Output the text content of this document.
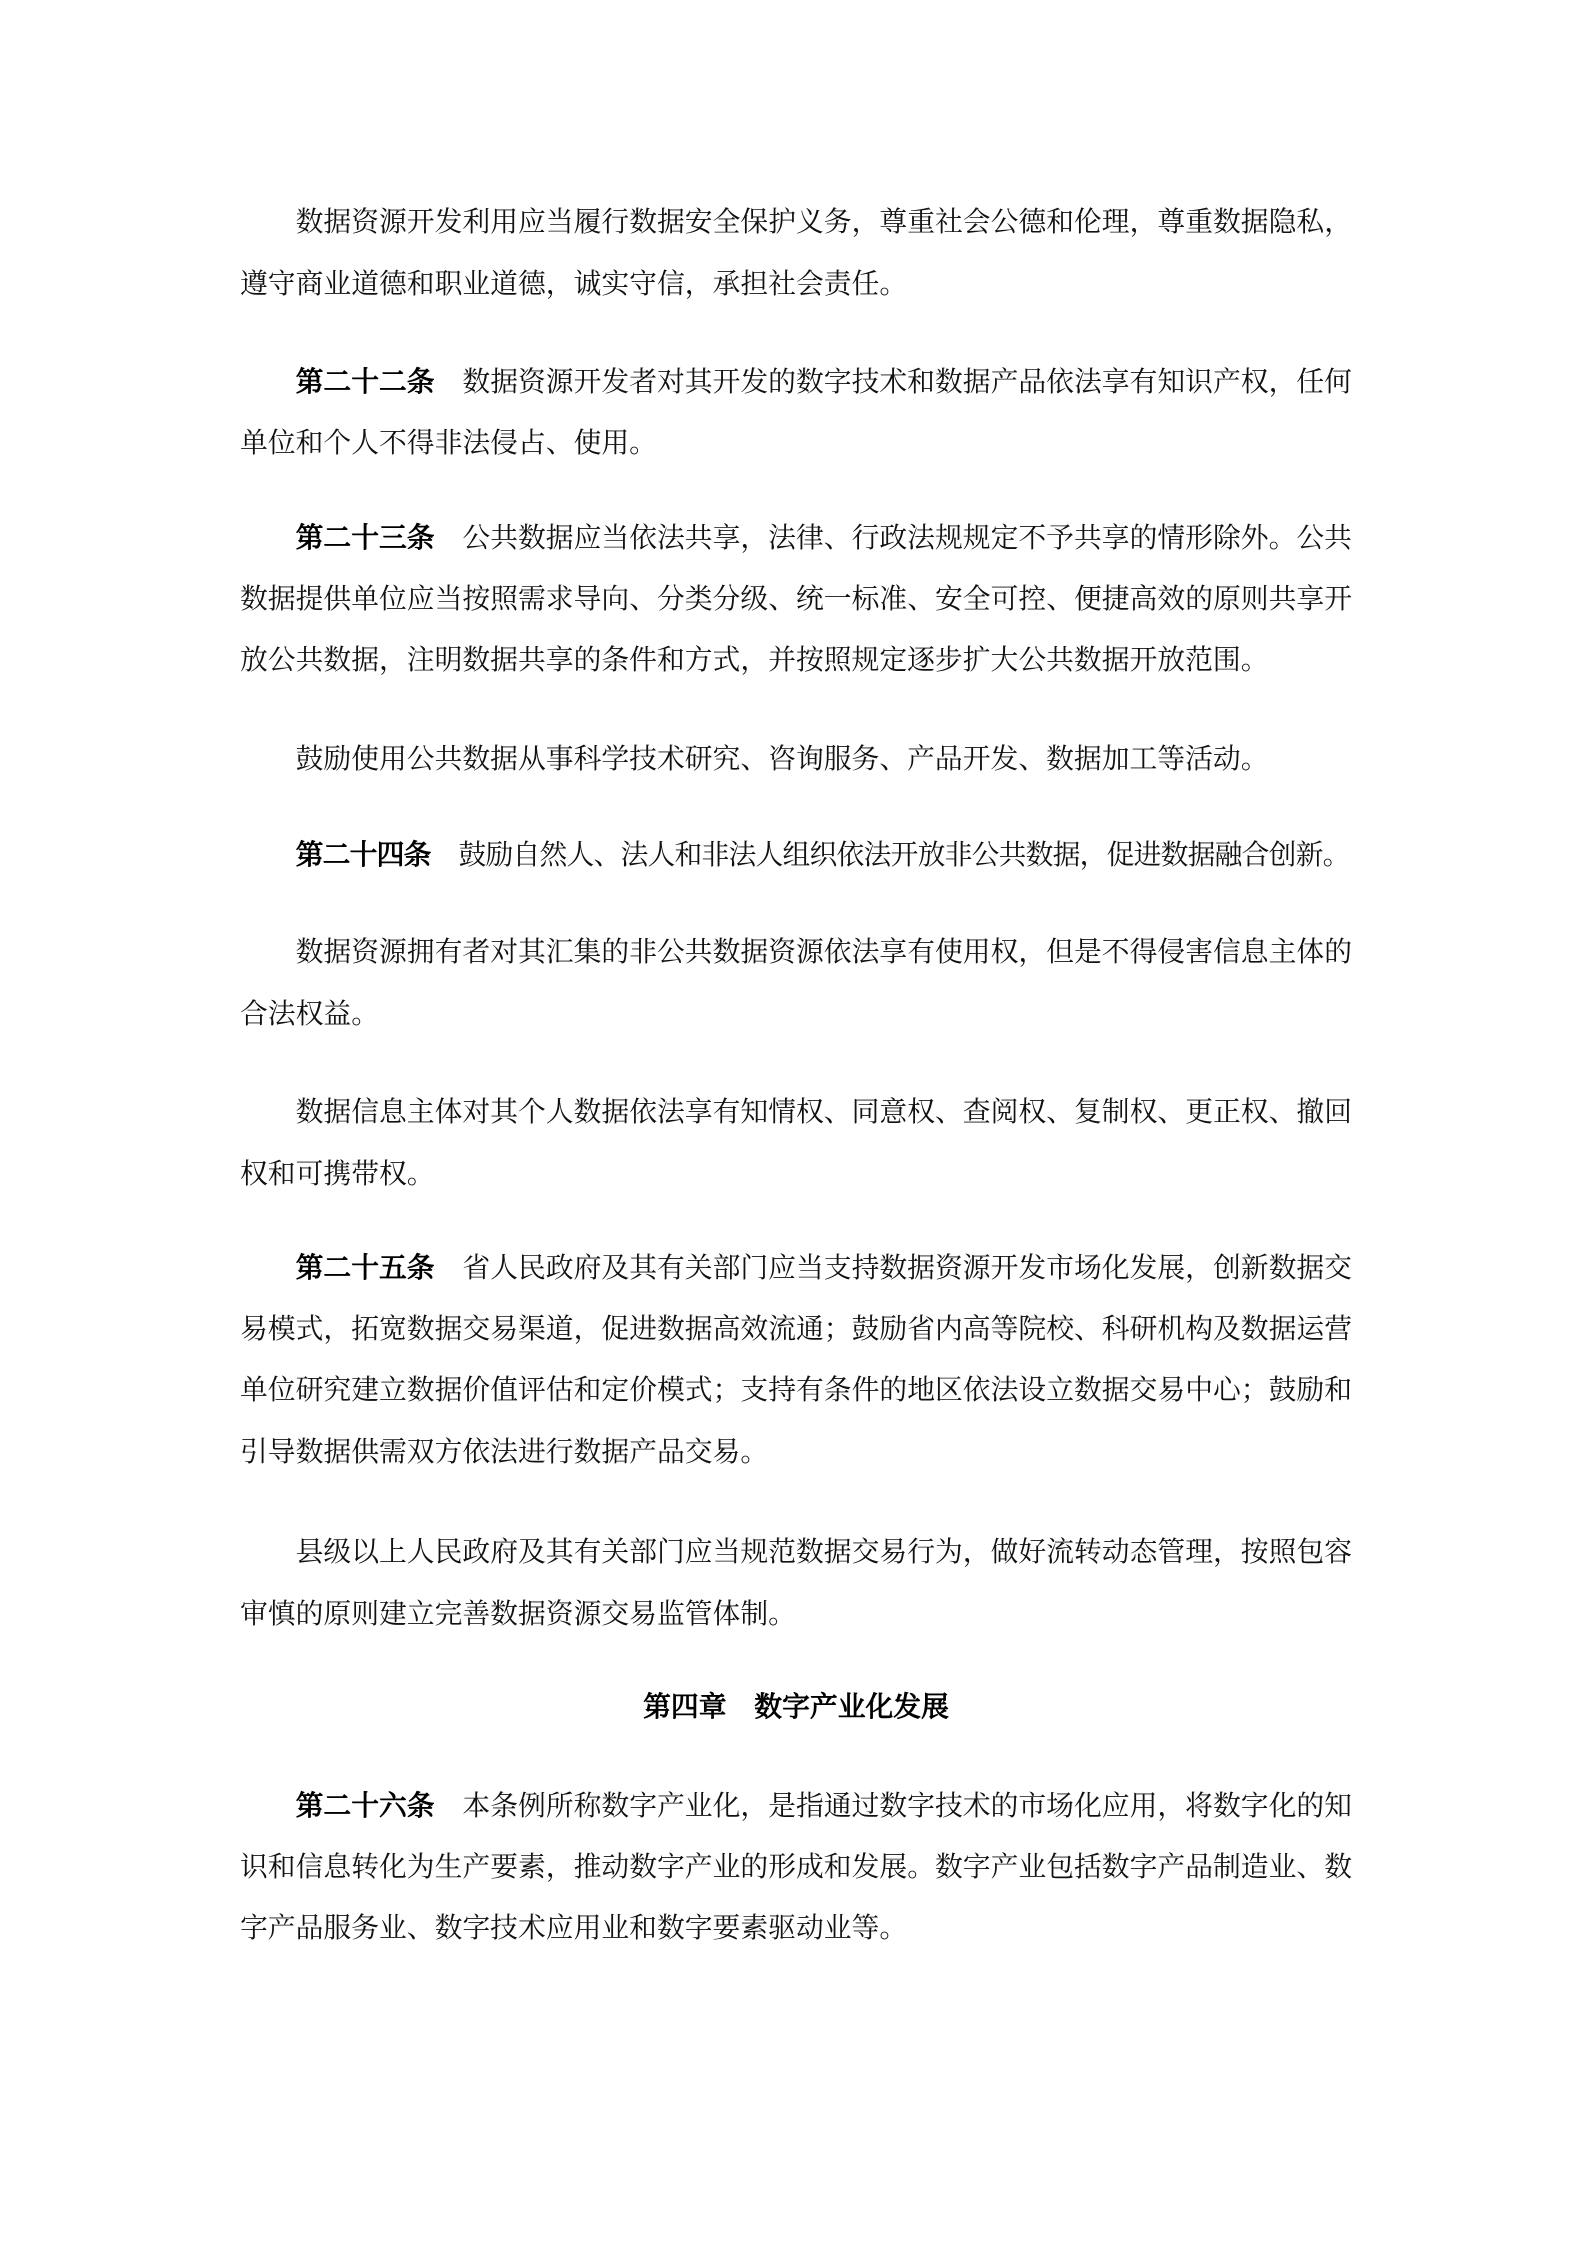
数据资源开发利用应当履行数据安全保护义务，尊重社会公德和伦理，尊重数据隐私，
遵守商业道德和职业道德，诚实守信，承担社会责任。
第二十二条 数据资源开发者对其开发的数字技术和数据产品依法享有知识产权，任何
单位和个人不得非法侵占、使用。
第二十三条 公共数据应当依法共享，法律、行政法规规定不予共享的情形除外。公共
数据提供单位应当按照需求导向、分类分级、统一标准、安全可控、便捷高效的原则共享开
放公共数据，注明数据共享的条件和方式，并按照规定逐步扩大公共数据开放范围。
鼓励使用公共数据从事科学技术研究、咨询服务、产品开发、数据加工等活动。
第二十四条 鼓励自然人、法人和非法人组织依法开放非公共数据，促进数据融合创新。
数据资源拥有者对其汇集的非公共数据资源依法享有使用权，但是不得侵害信息主体的
合法权益。
数据信息主体对其个人数据依法享有知情权、同意权、查阅权、复制权、更正权、撤回
权和可携带权。
第二十五条 省人民政府及其有关部门应当支持数据资源开发市场化发展，创新数据交
易模式，拓宽数据交易渠道，促进数据高效流通；鼓励省内高等院校、科研机构及数据运营
单位研究建立数据价值评估和定价模式；支持有条件的地区依法设立数据交易中心；鼓励和
引导数据供需双方依法进行数据产品交易。
县级以上人民政府及其有关部门应当规范数据交易行为，做好流转动态管理，按照包容
审慎的原则建立完善数据资源交易监管体制。
第四章 数字产业化发展
第二十六条 本条例所称数字产业化，是指通过数字技术的市场化应用，将数字化的知
识和信息转化为生产要素，推动数字产业的形成和发展。数字产业包括数字产品制造业、数
字产品服务业、数字技术应用业和数字要素驱动业等。
